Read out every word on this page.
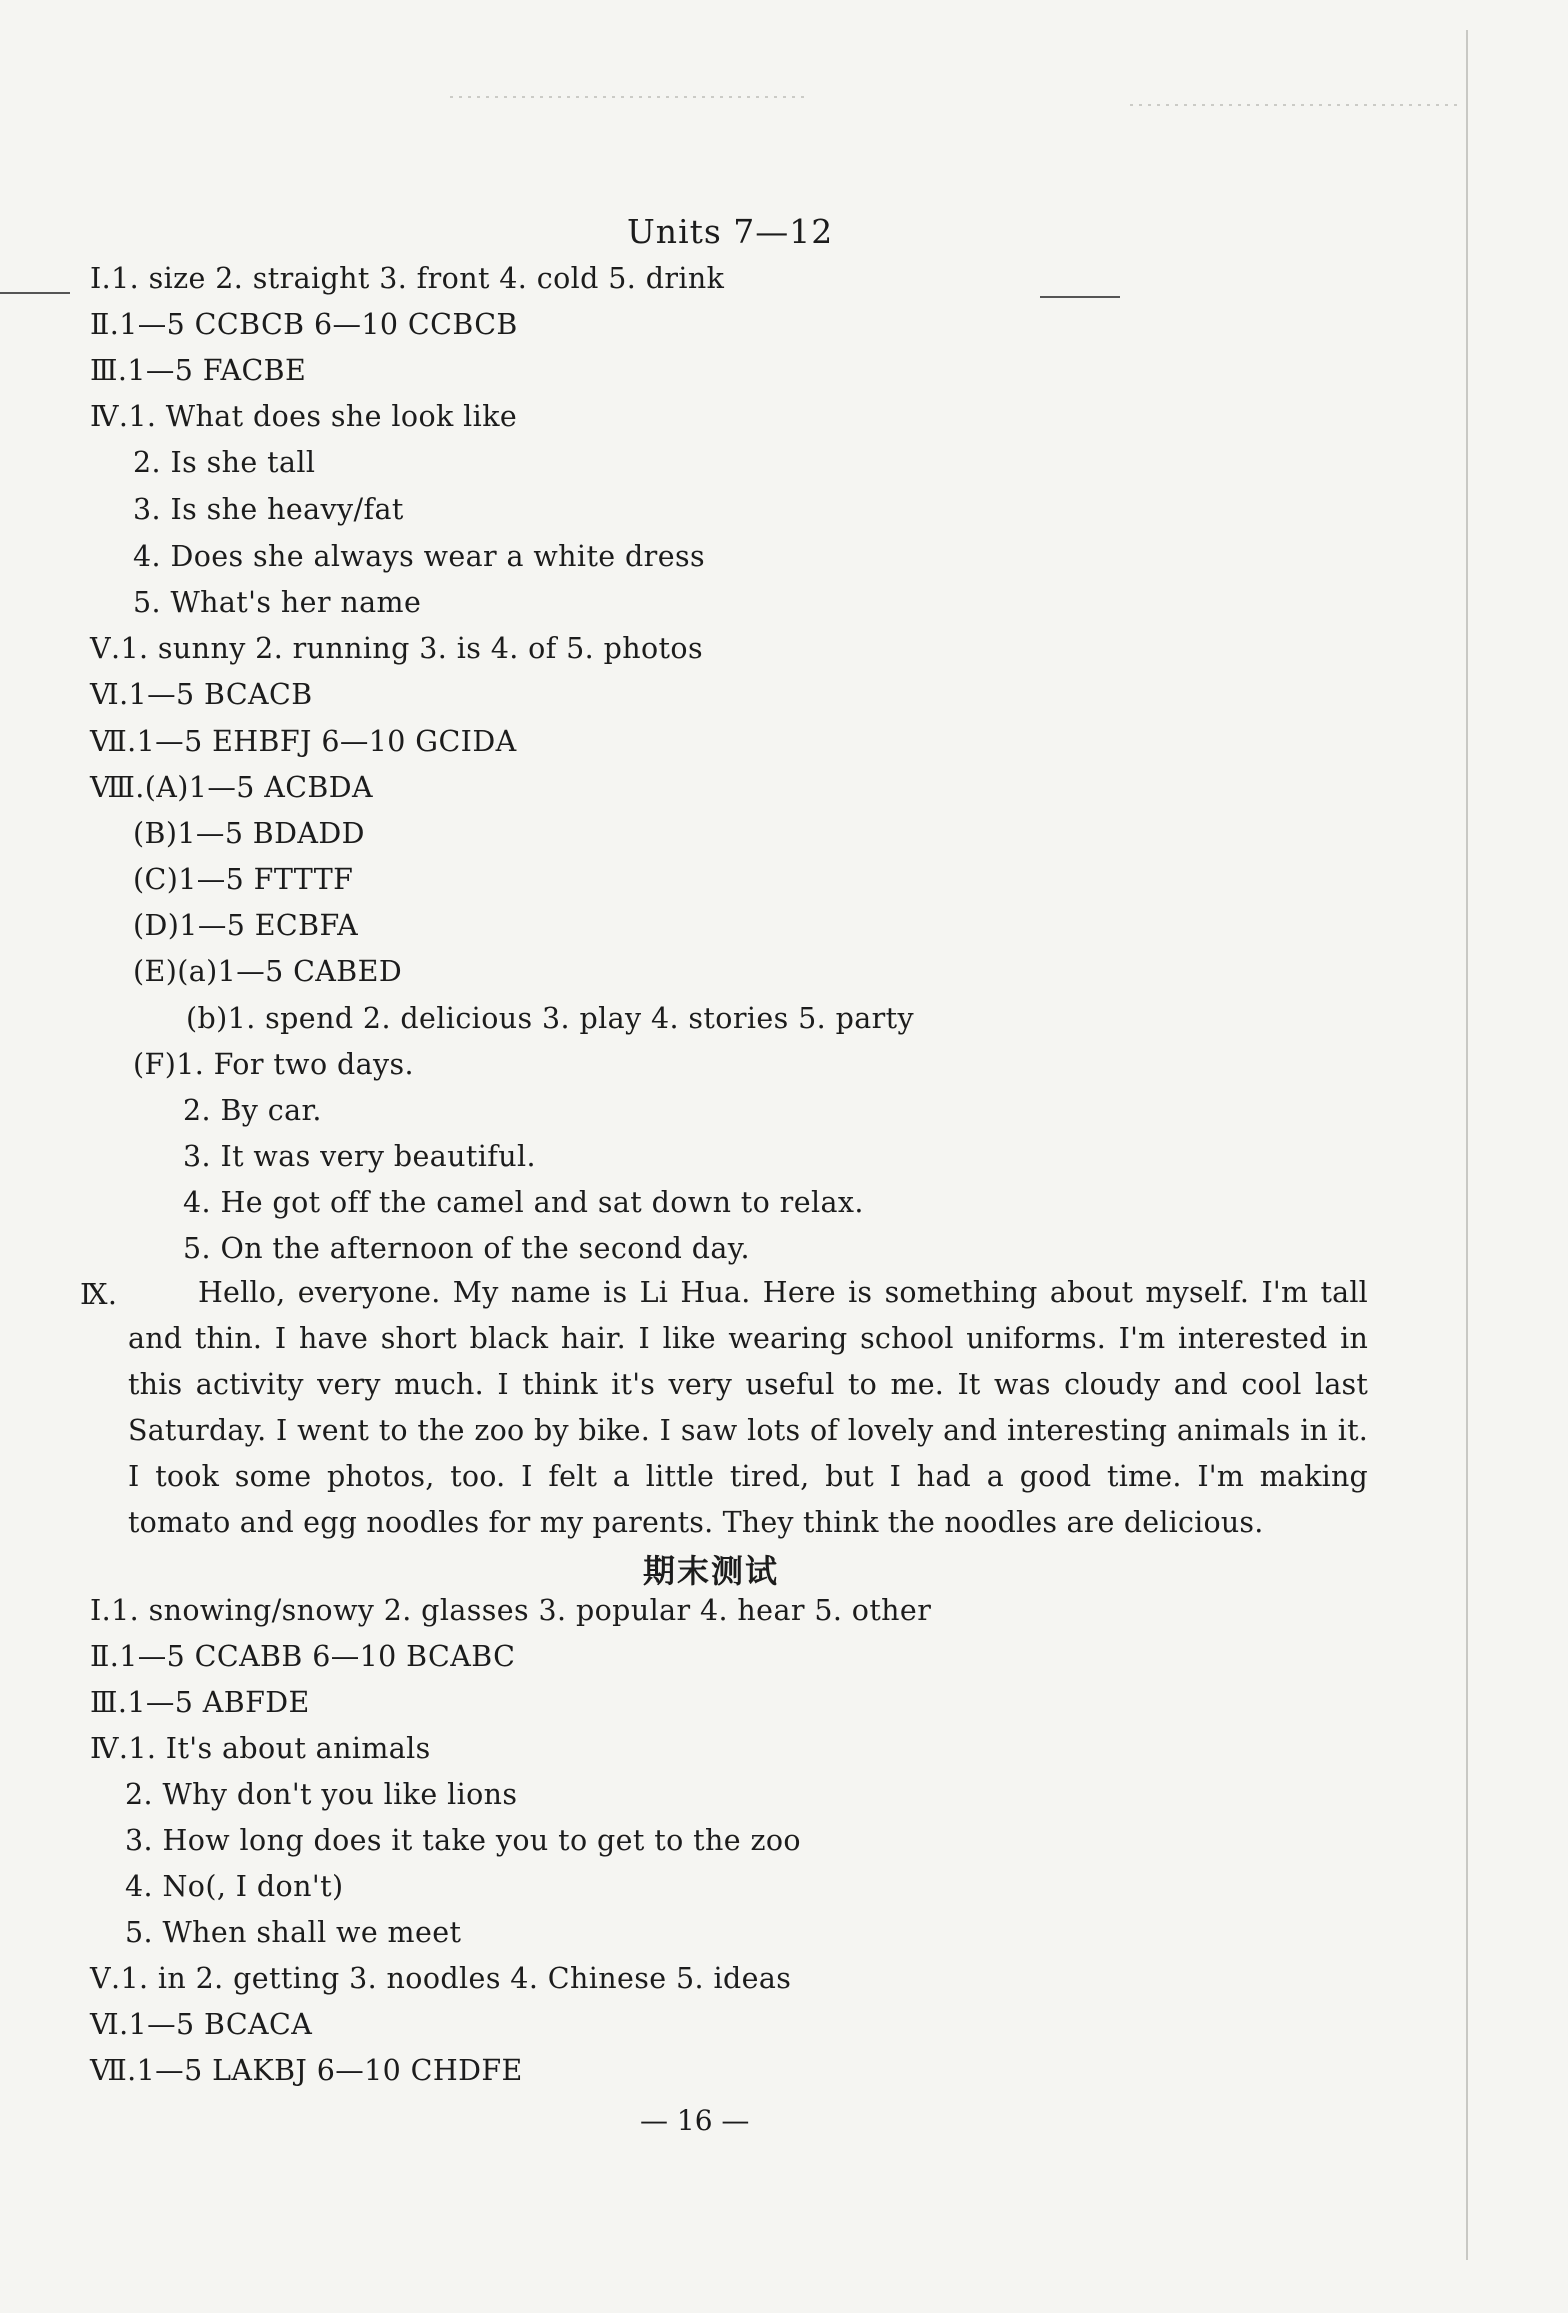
Units 7—12
Ⅰ.1. size 2. straight 3. front 4. cold 5. drink
Ⅱ.1—5 CCBCB 6—10 CCBCB
Ⅲ.1—5 FACBE
Ⅳ.1. What does she look like
2. Is she tall
3. Is she heavy/fat
4. Does she always wear a white dress
5. What's her name
Ⅴ.1. sunny 2. running 3. is 4. of 5. photos
Ⅵ.1—5 BCACB
Ⅶ.1—5 EHBFJ 6—10 GCIDA
Ⅷ.(A)1—5 ACBDA
(B)1—5 BDADD
(C)1—5 FTTTF
(D)1—5 ECBFA
(E)(a)1—5 CABED
(b)1. spend 2. delicious 3. play 4. stories 5. party
(F)1. For two days.
2. By car.
3. It was very beautiful.
4. He got off the camel and sat down to relax.
5. On the afternoon of the second day.
Ⅸ.	Hello, everyone. My name is Li Hua. Here is something about myself. I'm tall and thin. I have short black hair. I like wearing school uniforms. I'm interested in this activity very much. I think it's very useful to me. It was cloudy and cool last Saturday. I went to the zoo by bike. I saw lots of lovely and interesting animals in it. I took some photos, too. I felt a little tired, but I had a good time. I'm making tomato and egg noodles for my parents. They think the noodles are delicious.
期末测试
Ⅰ.1. snowing/snowy 2. glasses 3. popular 4. hear 5. other
Ⅱ.1—5 CCABB 6—10 BCABC
Ⅲ.1—5 ABFDE
Ⅳ.1. It's about animals
2. Why don't you like lions
3. How long does it take you to get to the zoo
4. No(, I don't)
5. When shall we meet
Ⅴ.1. in 2. getting 3. noodles 4. Chinese 5. ideas
Ⅵ.1—5 BCACA
Ⅶ.1—5 LAKBJ 6—10 CHDFE
— 16 —
